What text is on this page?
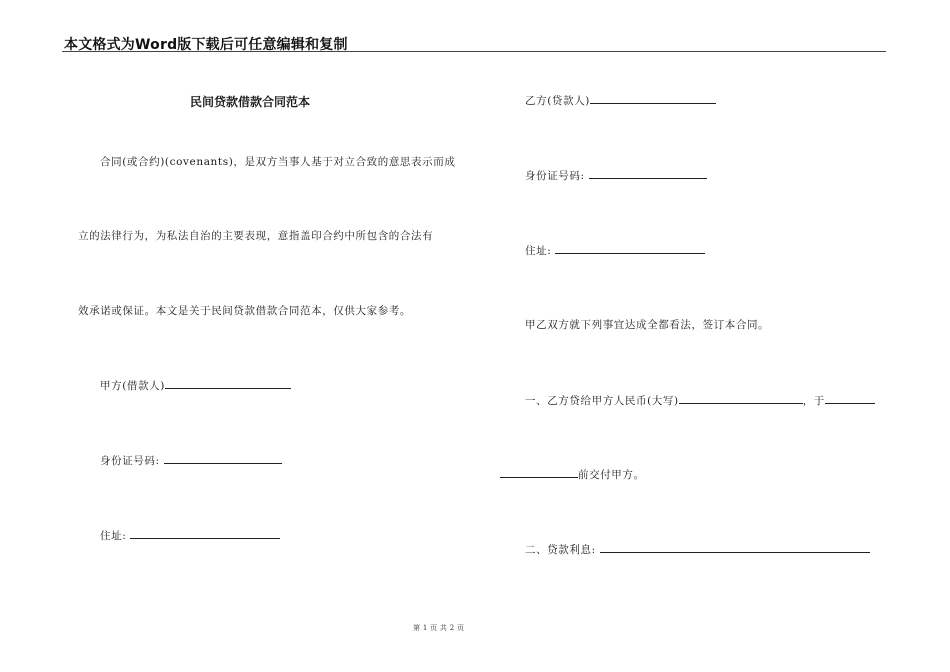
本文格式为Word版下载后可任意编辑和复制
民间贷款借款合同范本
合同(或合约)(covenants)，是双方当事人基于对立合致的意思表示而成
立的法律行为，为私法自治的主要表现，意指盖印合约中所包含的合法有
效承诺或保证。本文是关于民间贷款借款合同范本，仅供大家参考。
甲方(借款人)
身份证号码:
住址:
乙方(贷款人)
身份证号码:
住址:
甲乙双方就下列事宜达成全都看法，签订本合同。
一、乙方贷给甲方人民币(大写)	，于
前交付甲方。
二、贷款利息:
第 1 页 共 2 页
